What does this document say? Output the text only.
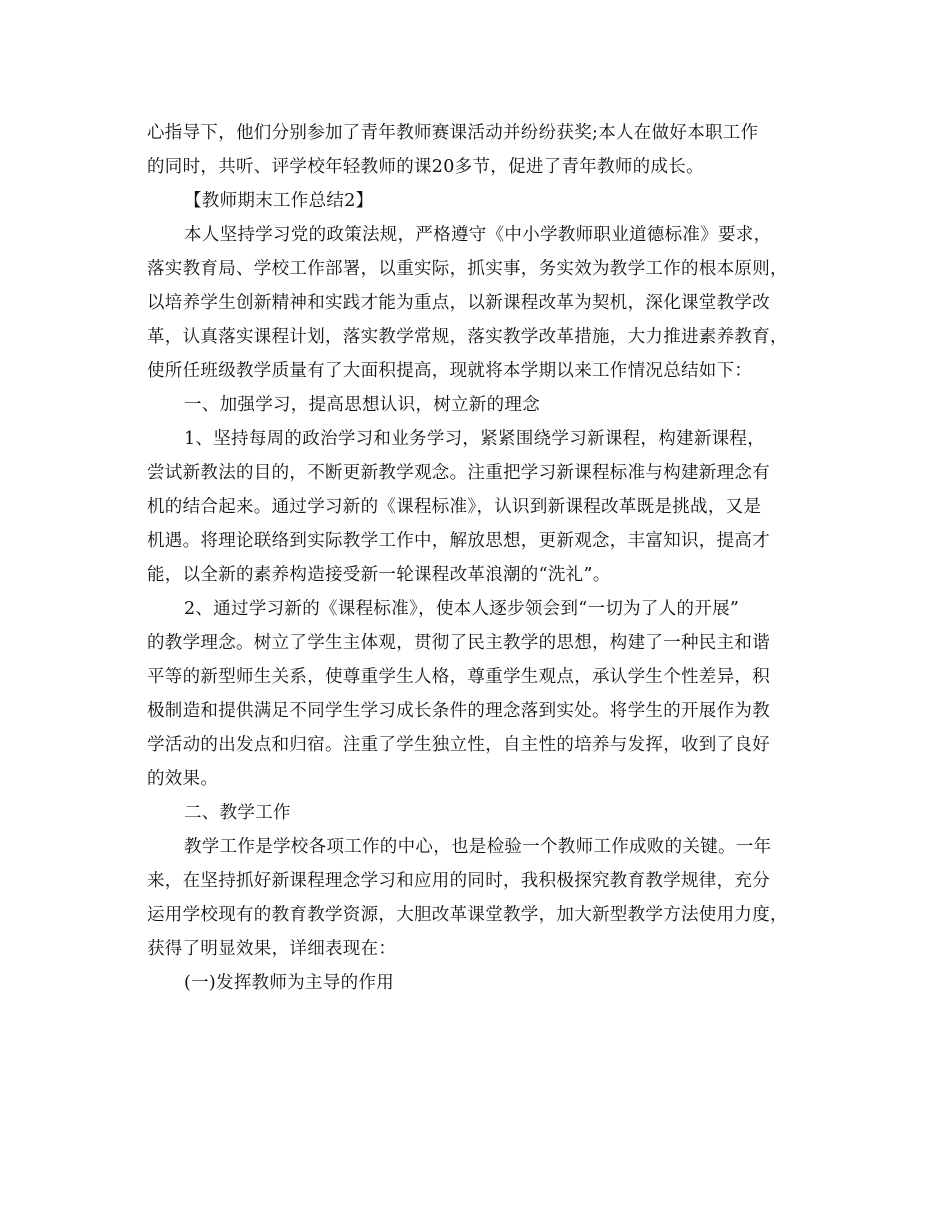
心指导下，他们分别参加了青年教师赛课活动并纷纷获奖;本人在做好本职工作
的同时，共听、评学校年轻教师的课20多节，促进了青年教师的成长。
【教师期末工作总结2】
本人坚持学习党的政策法规，严格遵守《中小学教师职业道德标准》要求，
落实教育局、学校工作部署，以重实际，抓实事，务实效为教学工作的根本原则，
以培养学生创新精神和实践才能为重点，以新课程改革为契机，深化课堂教学改
革，认真落实课程计划，落实教学常规，落实教学改革措施，大力推进素养教育，
使所任班级教学质量有了大面积提高，现就将本学期以来工作情况总结如下：
一、加强学习，提高思想认识，树立新的理念
1、坚持每周的政治学习和业务学习，紧紧围绕学习新课程，构建新课程，
尝试新教法的目的，不断更新教学观念。注重把学习新课程标准与构建新理念有
机的结合起来。通过学习新的《课程标准》，认识到新课程改革既是挑战，又是
机遇。将理论联络到实际教学工作中，解放思想，更新观念，丰富知识，提高才
能，以全新的素养构造接受新一轮课程改革浪潮的“洗礼”。
2、通过学习新的《课程标准》，使本人逐步领会到“一切为了人的开展”
的教学理念。树立了学生主体观，贯彻了民主教学的思想，构建了一种民主和谐
平等的新型师生关系，使尊重学生人格，尊重学生观点，承认学生个性差异，积
极制造和提供满足不同学生学习成长条件的理念落到实处。将学生的开展作为教
学活动的出发点和归宿。注重了学生独立性，自主性的培养与发挥，收到了良好
的效果。
二、教学工作
教学工作是学校各项工作的中心，也是检验一个教师工作成败的关键。一年
来，在坚持抓好新课程理念学习和应用的同时，我积极探究教育教学规律，充分
运用学校现有的教育教学资源，大胆改革课堂教学，加大新型教学方法使用力度，
获得了明显效果，详细表现在：
(一)发挥教师为主导的作用
